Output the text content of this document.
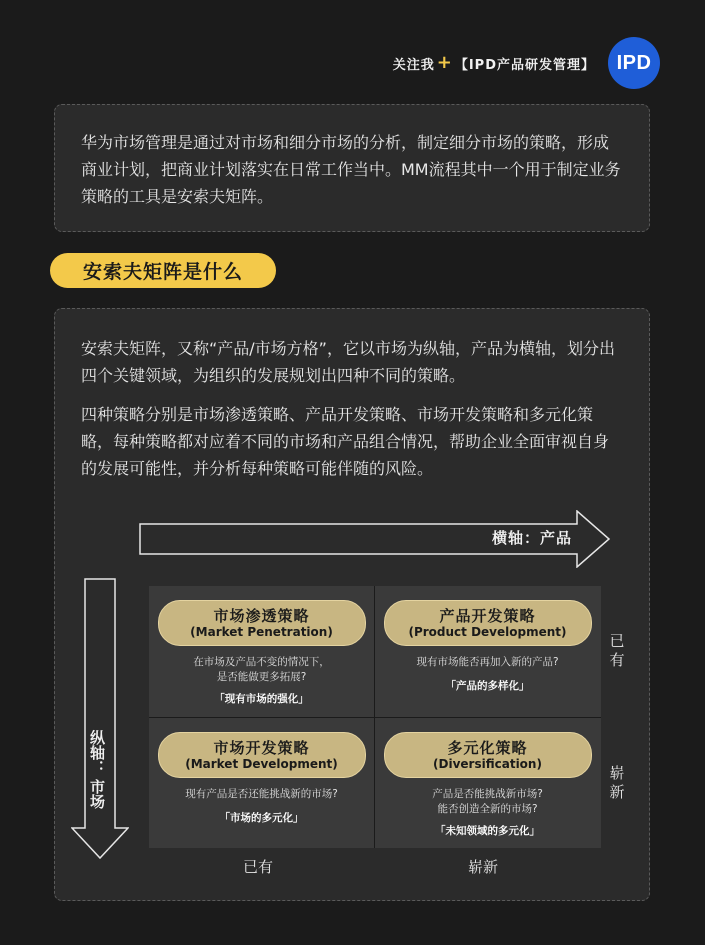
关注我 + 【IPD产品研发管理】	IPD
华为市场管理是通过对市场和细分市场的分析，制定细分市场的策略，形成商业计划，把商业计划落实在日常工作当中。MM流程其中一个用于制定业务策略的工具是安索夫矩阵。
安索夫矩阵是什么

安索夫矩阵，又称“产品/市场方格”，它以市场为纵轴，产品为横轴，划分出四个关键领域，为组织的发展规划出四种不同的策略。

四种策略分别是市场渗透策略、产品开发策略、市场开发策略和多元化策略，每种策略都对应着不同的市场和产品组合情况，帮助企业全面审视自身的发展可能性，并分析每种策略可能伴随的风险。

横轴：产品
纵轴：
市场
市场渗透策略
(Market Penetration)
在市场及产品不变的情况下，
是否能做更多拓展?
「现有市场的强化」
产品开发策略
(Product Development)
现有市场能否再加入新的产品?
「产品的多样化」
市场开发策略
(Market Development)
现有产品是否还能挑战新的市场?
「市场的多元化」
多元化策略
(Diversification)
产品是否能挑战新市场?
能否创造全新的市场?
「未知领域的多元化」
已有
崭新
已有	崭新
